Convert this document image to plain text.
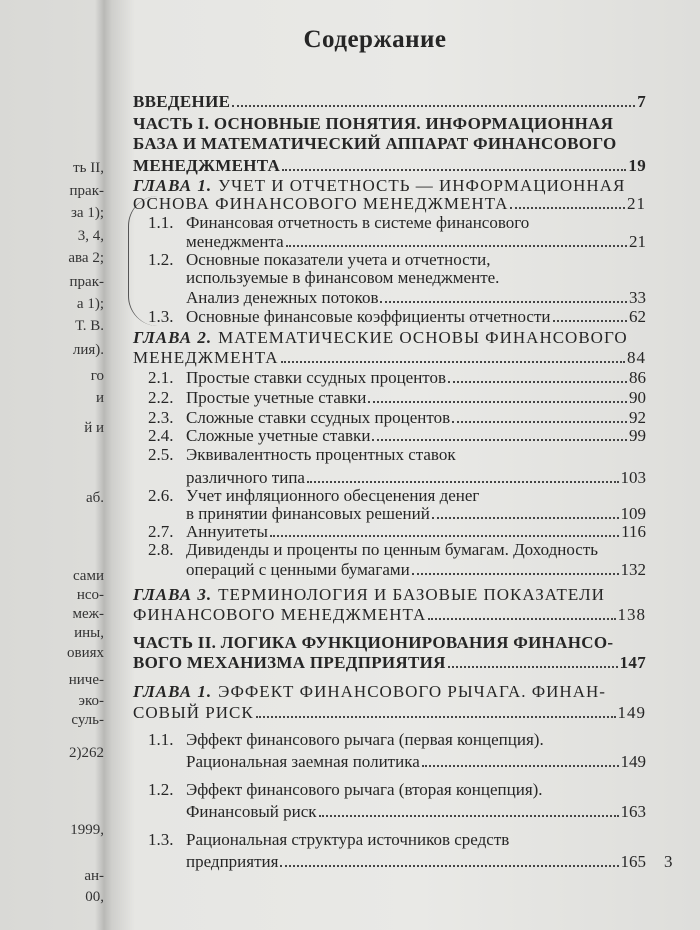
Содержание
ВВЕДЕНИЕ	7
ЧАСТЬ I. ОСНОВНЫЕ ПОНЯТИЯ. ИНФОРМАЦИОННАЯ
БАЗА И МАТЕМАТИЧЕСКИЙ АППАРАТ ФИНАНСОВОГО
МЕНЕДЖМЕНТА	19
ГЛАВА 1. УЧЕТ И ОТЧЕТНОСТЬ — ИНФОРМАЦИОННАЯ
ОСНОВА ФИНАНСОВОГО МЕНЕДЖМЕНТА	21
1.1. Финансовая отчетность в системе финансового
менеджмента	21
1.2. Основные показатели учета и отчетности,
используемые в финансовом менеджменте.
Анализ денежных потоков	33
1.3. Основные финансовые коэффициенты отчетности	62
ГЛАВА 2. МАТЕМАТИЧЕСКИЕ ОСНОВЫ ФИНАНСОВОГО
МЕНЕДЖМЕНТА	84
2.1. Простые ставки ссудных процентов	86
2.2. Простые учетные ставки	90
2.3. Сложные ставки ссудных процентов	92
2.4. Сложные учетные ставки	99
2.5. Эквивалентность процентных ставок
различного типа	103
2.6. Учет инфляционного обесценения денег
в принятии финансовых решений	109
2.7. Аннуитеты	116
2.8. Дивиденды и проценты по ценным бумагам. Доходность
операций с ценными бумагами	132
ГЛАВА 3. ТЕРМИНОЛОГИЯ И БАЗОВЫЕ ПОКАЗАТЕЛИ
ФИНАНСОВОГО МЕНЕДЖМЕНТА	138
ЧАСТЬ II. ЛОГИКА ФУНКЦИОНИРОВАНИЯ ФИНАНСО-
ВОГО МЕХАНИЗМА ПРЕДПРИЯТИЯ	147
ГЛАВА 1. ЭФФЕКТ ФИНАНСОВОГО РЫЧАГА. ФИНАН-
СОВЫЙ РИСК	149
1.1. Эффект финансового рычага (первая концепция).
Рациональная заемная политика	149
1.2. Эффект финансового рычага (вторая концепция).
Финансовый риск	163
1.3. Рациональная структура источников средств
предприятия	165
ть II,
прак-
за 1);
3, 4,
ава 2;
прак-
а 1);
Т. В.
лия).
го
и
й и
аб.
сами
нсо-
меж-
ины,
овиях
ниче-
эко-
суль-
2)262
1999,
ан-
00,
3
